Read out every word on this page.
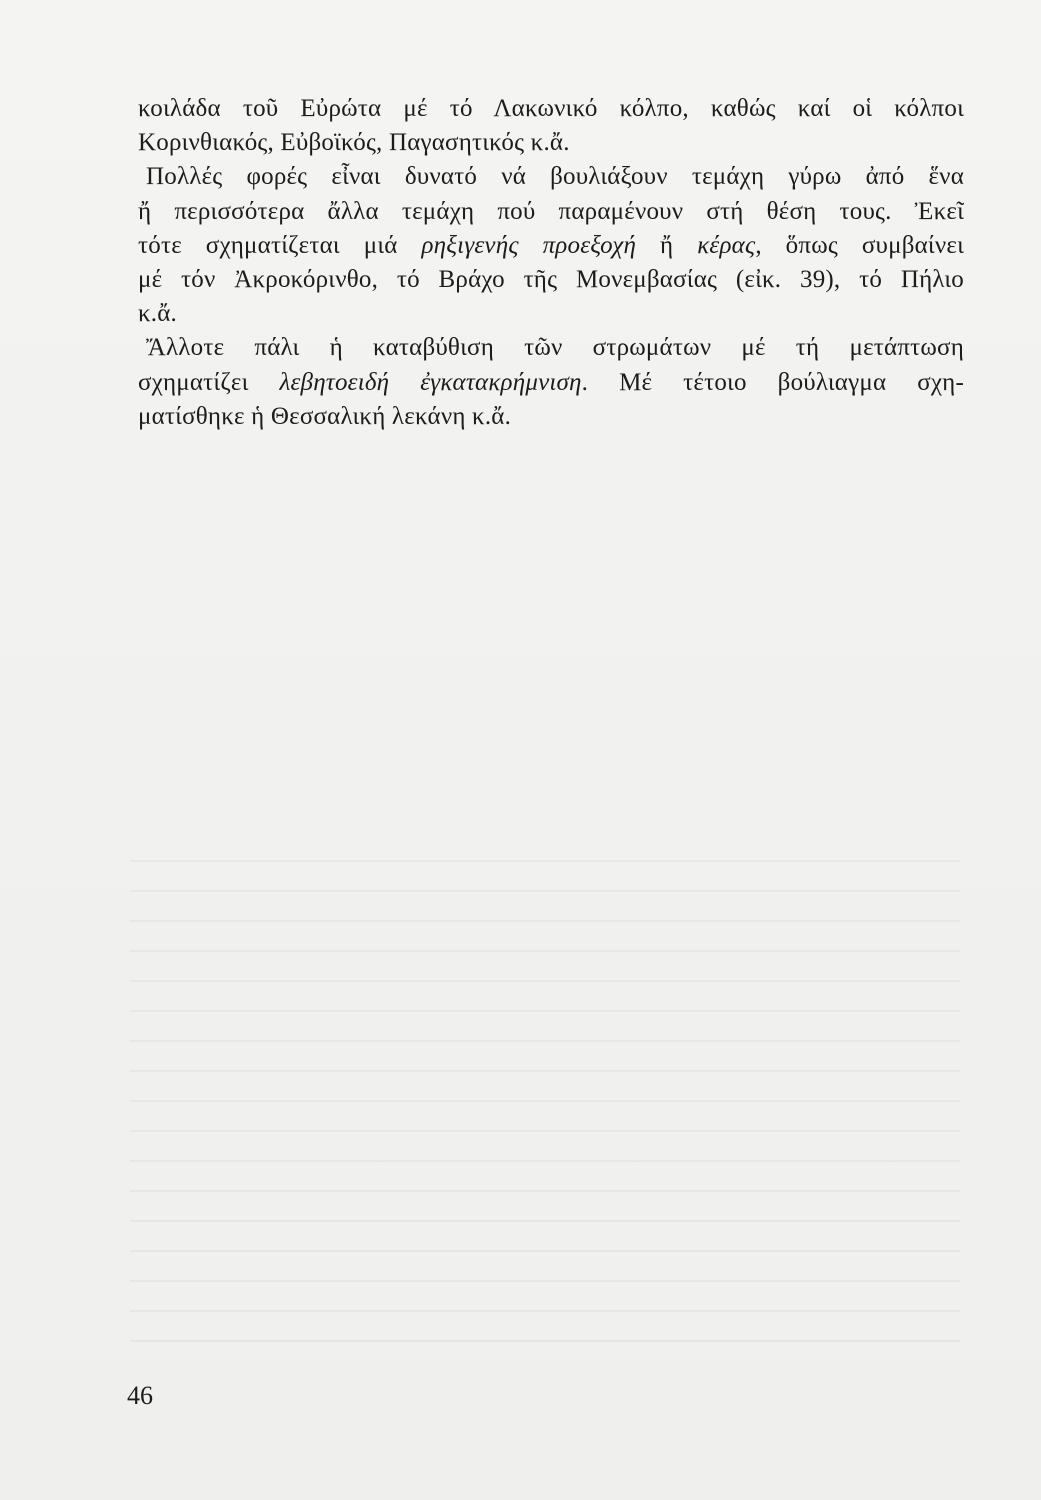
κοιλάδα τοῦ Εὐρώτα μέ τό Λακωνικό κόλπο, καθώς καί οἱ κόλποι
Κορινθιακός, Εὐβοϊκός, Παγασητικός κ.ἄ.
Πολλές φορές εἶναι δυνατό νά βουλιάξουν τεμάχη γύρω ἀπό ἕνα
ἤ περισσότερα ἄλλα τεμάχη πού παραμένουν στή θέση τους. Ἐκεῖ
τότε σχηματίζεται μιά ρηξιγενής προεξοχή ἤ κέρας, ὅπως συμβαίνει
μέ τόν Ἀκροκόρινθο, τό Βράχο τῆς Μονεμβασίας (εἰκ. 39), τό Πήλιο
κ.ἄ.
Ἄλλοτε πάλι ἡ καταβύθιση τῶν στρωμάτων μέ τή μετάπτωση
σχηματίζει λεβητοειδή ἐγκατακρήμνιση. Μέ τέτοιο βούλιαγμα σχη-
ματίσθηκε ἡ Θεσσαλική λεκάνη κ.ἄ.
46
